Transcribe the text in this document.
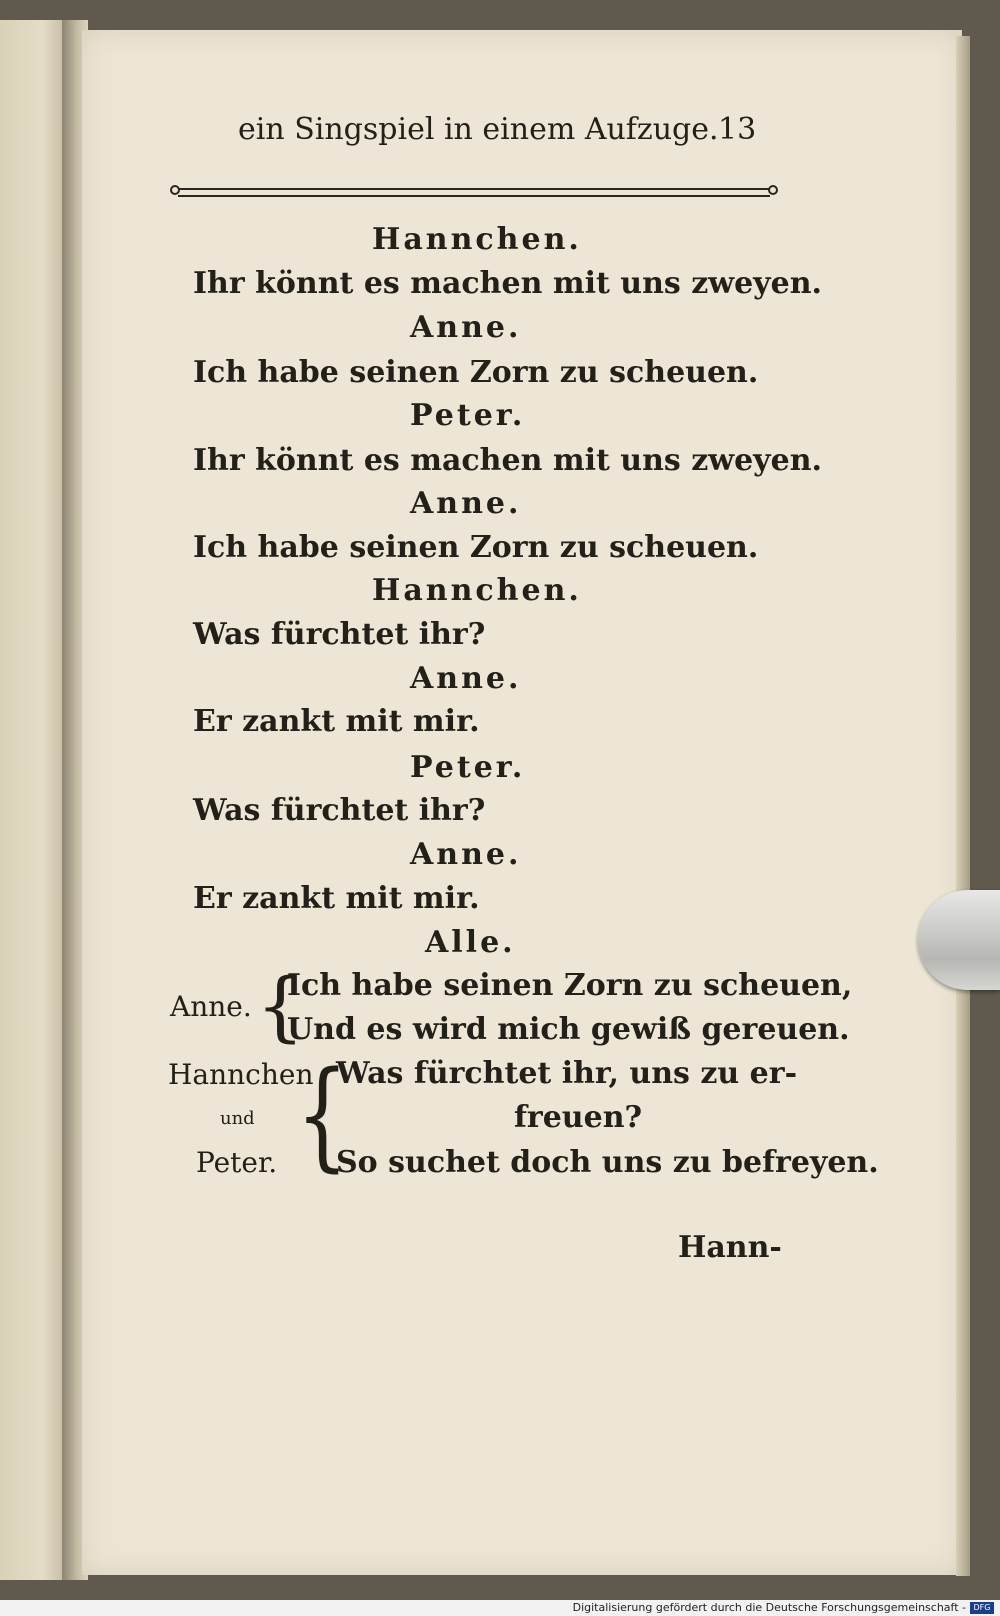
ein Singspiel in einem Aufzuge. 13
Hannchen.
Ihr könnt es machen mit uns zweyen.
Anne.
Ich habe seinen Zorn zu scheuen.
Peter.
Ihr könnt es machen mit uns zweyen.
Anne.
Ich habe seinen Zorn zu scheuen.
Hannchen.
Was fürchtet ihr?
Anne.
Er zankt mit mir.
Peter.
Was fürchtet ihr?
Anne.
Er zankt mit mir.
Alle.
Anne. {
Ich habe seinen Zorn zu scheuen,
Und es wird mich gewiß gereuen.
Hannchen
und
Peter. {
Was fürchtet ihr, uns zu er-
freuen?
So suchet doch uns zu befreyen.
Hann-
Digitalisierung gefördert durch die Deutsche Forschungsgemeinschaft - DFG
